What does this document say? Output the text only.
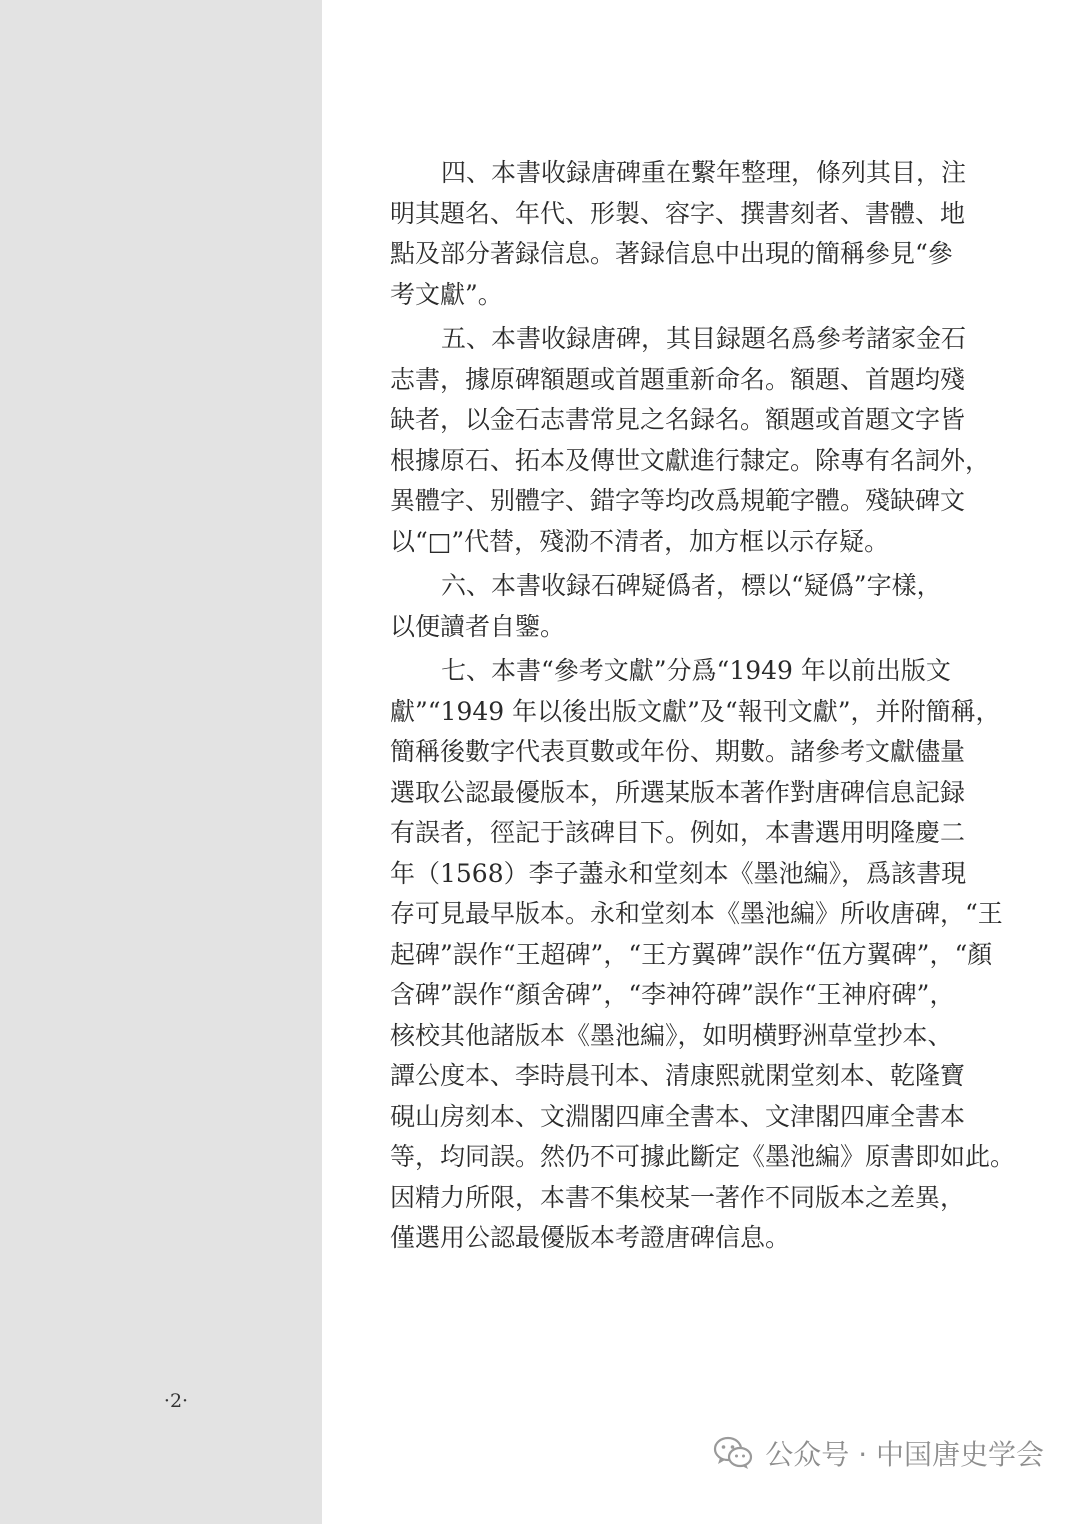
四、本書收録唐碑重在繫年整理，條列其目，注
明其題名、年代、形製、容字、撰書刻者、書體、地
點及部分著録信息。著録信息中出現的簡稱參見“參
考文獻”。
五、本書收録唐碑，其目録題名爲參考諸家金石
志書，據原碑額題或首題重新命名。額題、首題均殘
缺者，以金石志書常見之名録名。額題或首題文字皆
根據原石、拓本及傳世文獻進行隸定。除專有名詞外，
異體字、别體字、錯字等均改爲規範字體。殘缺碑文
以“□”代替，殘泐不清者，加方框以示存疑。
六、本書收録石碑疑僞者，標以“疑僞”字樣，
以便讀者自鑒。
七、本書“參考文獻”分爲“1949 年以前出版文
獻”“1949 年以後出版文獻”及“報刊文獻”，并附簡稱，
簡稱後數字代表頁數或年份、期數。諸參考文獻儘量
選取公認最優版本，所選某版本著作對唐碑信息記録
有誤者，徑記于該碑目下。例如，本書選用明隆慶二
年（1568）李子藎永和堂刻本《墨池編》，爲該書現
存可見最早版本。永和堂刻本《墨池編》所收唐碑，“王
起碑”誤作“王超碑”，“王方翼碑”誤作“伍方翼碑”，“顏
含碑”誤作“顏舍碑”，“李神符碑”誤作“王神府碑”，
核校其他諸版本《墨池編》，如明横野洲草堂抄本、
譚公度本、李時晨刊本、清康熙就閑堂刻本、乾隆寶
硯山房刻本、文淵閣四庫全書本、文津閣四庫全書本
等，均同誤。然仍不可據此斷定《墨池編》原書即如此。
因精力所限，本書不集校某一著作不同版本之差異，
僅選用公認最優版本考證唐碑信息。
·2·
公众号 · 中国唐史学会
